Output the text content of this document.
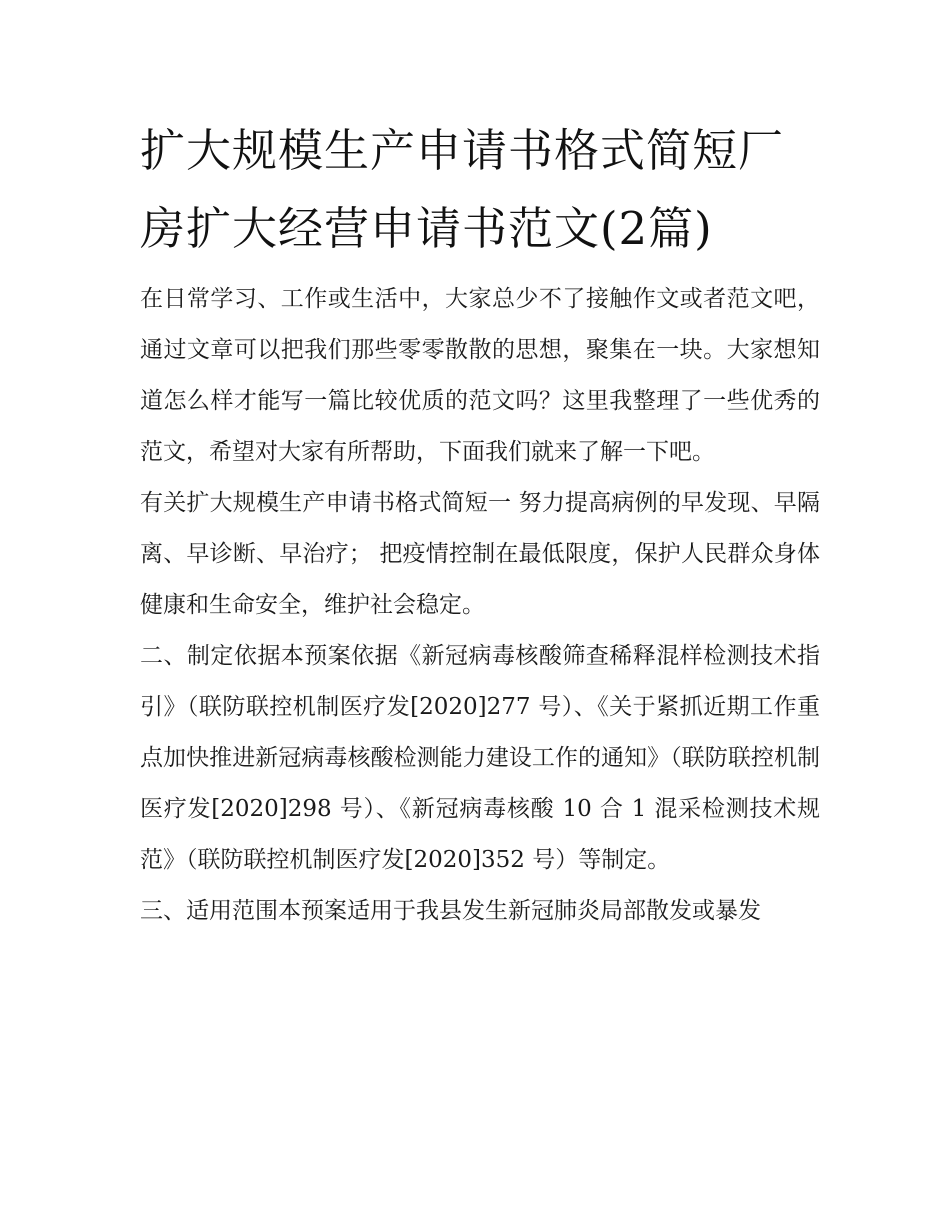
扩大规模生产申请书格式简短厂房扩大经营申请书范文(2篇)

在日常学习、工作或生活中，大家总少不了接触作文或者范文吧，通过文章可以把我们那些零零散散的思想，聚集在一块。大家想知道怎么样才能写一篇比较优质的范文吗？这里我整理了一些优秀的范文，希望对大家有所帮助，下面我们就来了解一下吧。

有关扩大规模生产申请书格式简短一 努力提高病例的早发现、早隔离、早诊断、早治疗； 把疫情控制在最低限度，保护人民群众身体健康和生命安全，维护社会稳定。

二、制定依据本预案依据《新冠病毒核酸筛查稀释混样检测技术指引》（联防联控机制医疗发[2020]277 号）、《关于紧抓近期工作重点加快推进新冠病毒核酸检测能力建设工作的通知》（联防联控机制医疗发[2020]298 号）、《新冠病毒核酸 10 合 1 混采检测技术规范》（联防联控机制医疗发[2020]352 号）等制定。

三、适用范围本预案适用于我县发生新冠肺炎局部散发或暴发
